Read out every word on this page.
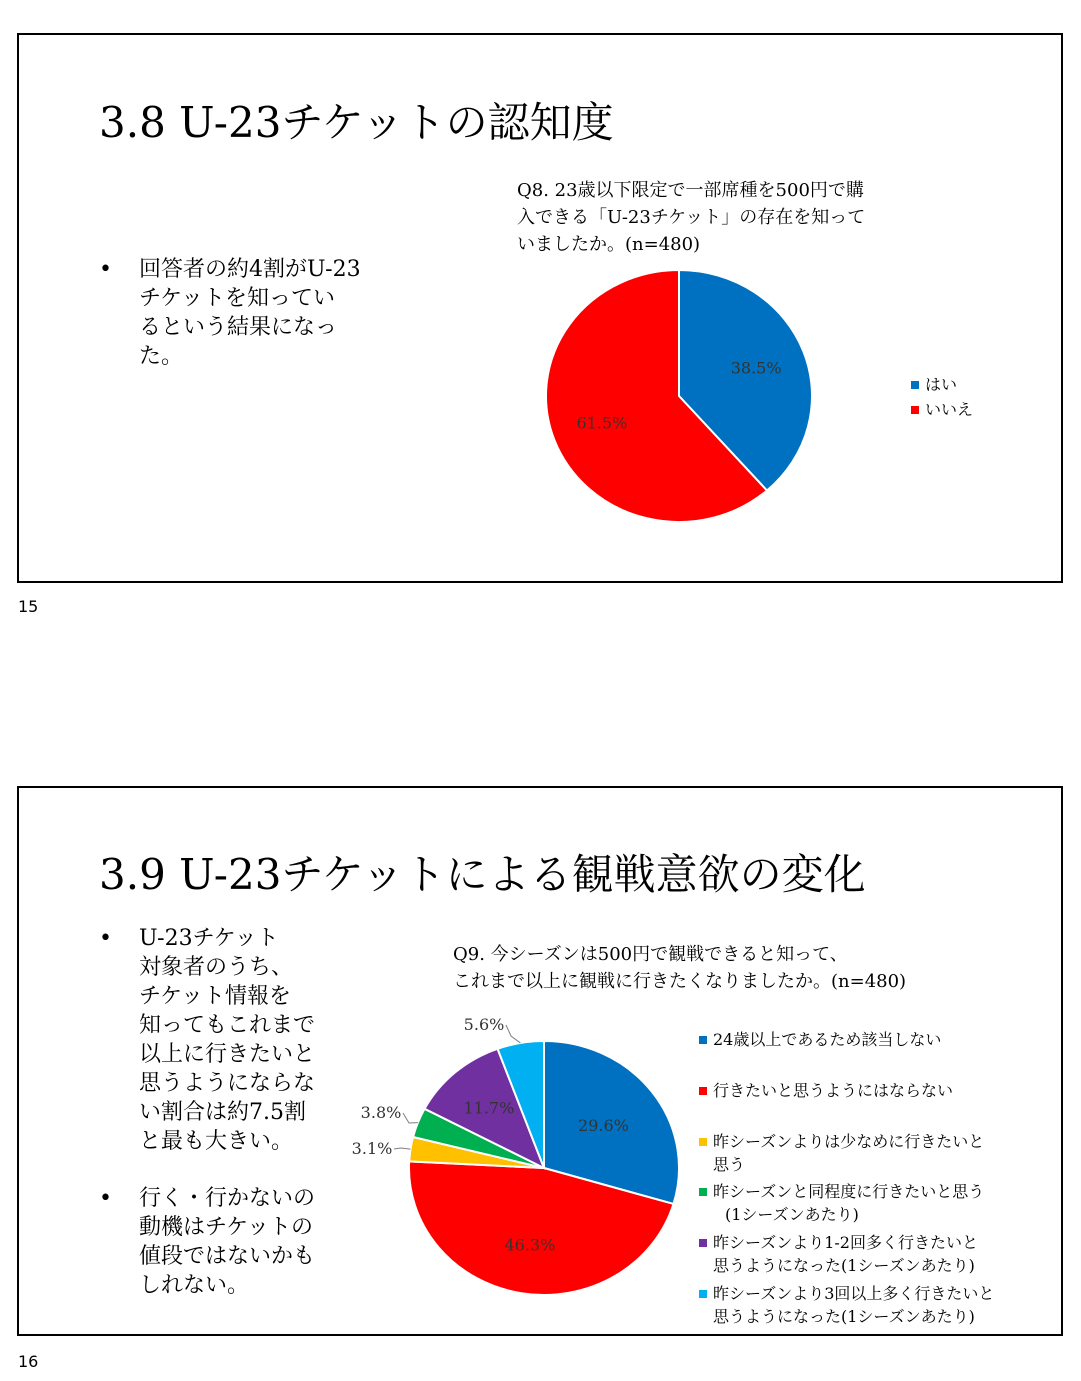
3.8 U-23チケットの認知度
• 回答者の約4割がU-23
チケットを知ってい
るという結果になっ
た。
Q8. 23歳以下限定で一部席種を500円で購
入できる「U-23チケット」の存在を知って
いましたか。(n=480)
38.5%
61.5%
はい
いいえ
15
3.9 U-23チケットによる観戦意欲の変化
• U-23チケット
対象者のうち、
チケット情報を
知ってもこれまで
以上に行きたいと
思うようにならな
い割合は約7.5割
と最も大きい。
• 行く・行かないの
動機はチケットの
値段ではないかも
しれない。
Q9. 今シーズンは500円で観戦できると知って、
これまで以上に観戦に行きたくなりましたか。(n=480)
29.6%
46.3%
3.1%
3.8%	11.7%
5.6%
24歳以上であるため該当しない
行きたいと思うようにはならない
昨シーズンよりは少なめに行きたいと
思う
昨シーズンと同程度に行きたいと思う
(1シーズンあたり)
昨シーズンより1-2回多く行きたいと
思うようになった(1シーズンあたり)
昨シーズンより3回以上多く行きたいと
思うようになった(1シーズンあたり)
16
